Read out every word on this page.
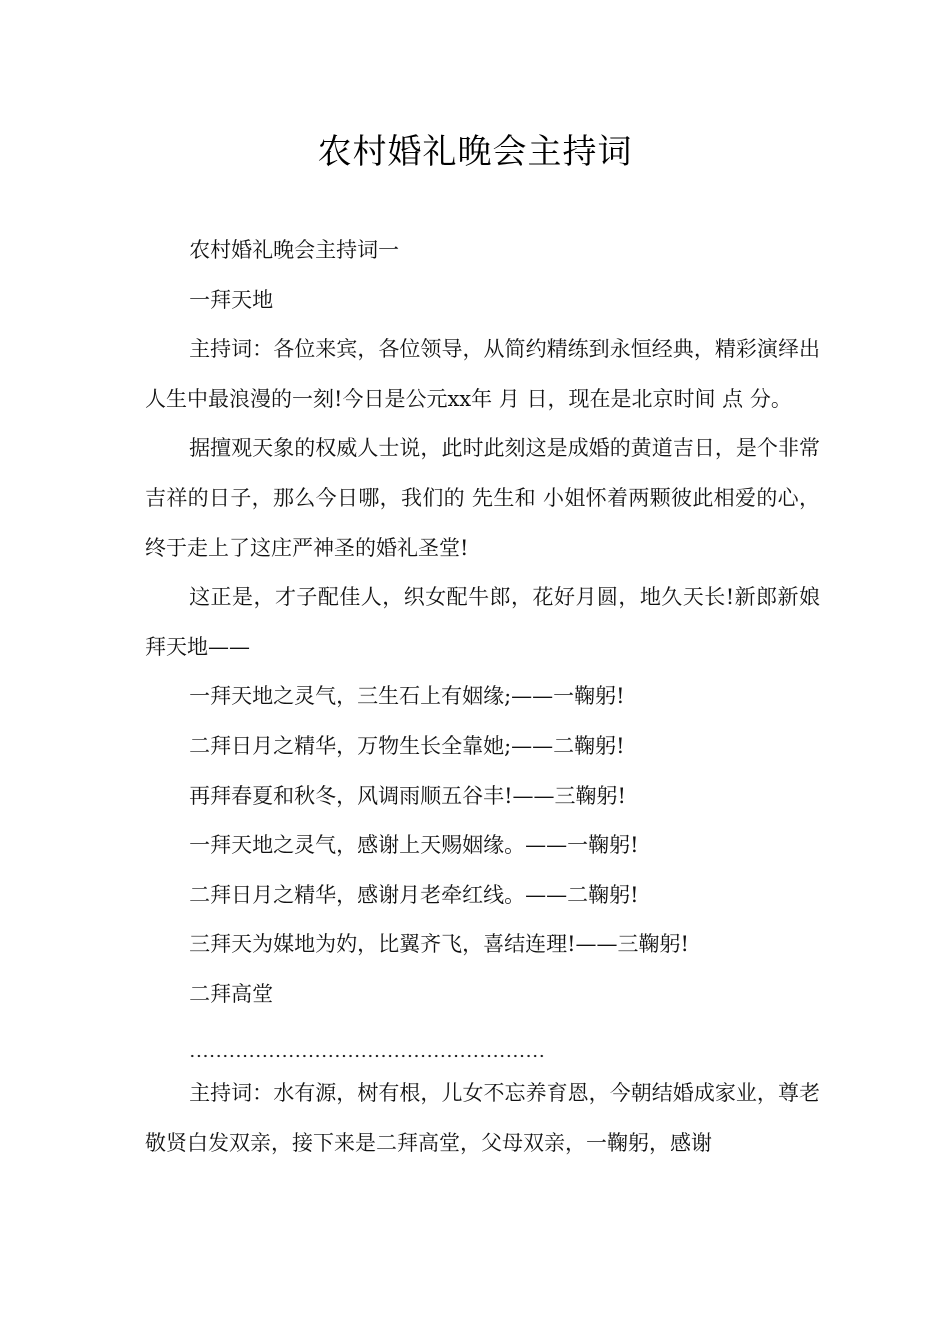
农村婚礼晚会主持词

农村婚礼晚会主持词一

一拜天地

主持词：各位来宾，各位领导，从简约精练到永恒经典，精彩演绎出人生中最浪漫的一刻!今日是公元xx年 月 日，现在是北京时间 点 分。

据擅观天象的权威人士说，此时此刻这是成婚的黄道吉日，是个非常吉祥的日子，那么今日哪，我们的 先生和 小姐怀着两颗彼此相爱的心，终于走上了这庄严神圣的婚礼圣堂!

这正是，才子配佳人，织女配牛郎，花好月圆，地久天长!新郎新娘拜天地——

一拜天地之灵气，三生石上有姻缘;——一鞠躬!

二拜日月之精华，万物生长全靠她;——二鞠躬!

再拜春夏和秋冬，风调雨顺五谷丰!——三鞠躬!

一拜天地之灵气，感谢上天赐姻缘。——一鞠躬!

二拜日月之精华，感谢月老牵红线。——二鞠躬!

三拜天为媒地为妁，比翼齐飞，喜结连理!——三鞠躬!

二拜高堂

主持词：水有源，树有根，儿女不忘养育恩，今朝结婚成家业，尊老敬贤白发双亲，接下来是二拜高堂，父母双亲，一鞠躬，感谢
